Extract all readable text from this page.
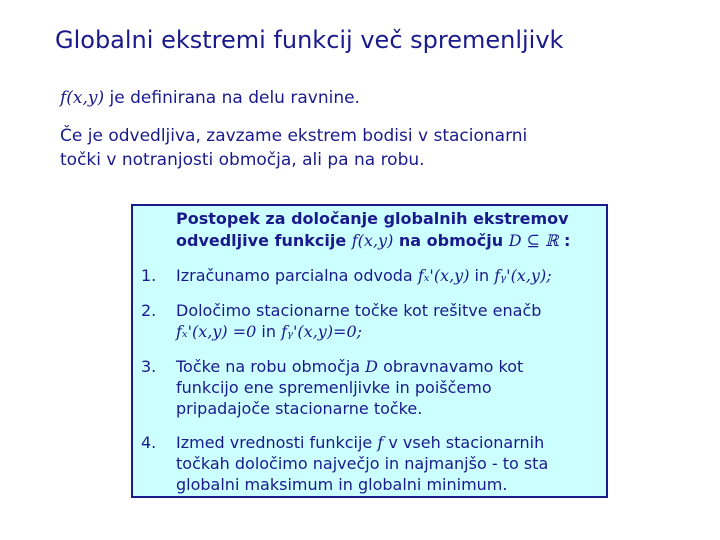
Globalni ekstremi funkcij več spremenljivk
f(x,y) je definirana na delu ravnine.
Če je odvedljiva, zavzame ekstrem bodisi v stacionarni
točki v notranjosti območja, ali pa na robu.
Postopek za določanje globalnih ekstremov
odvedljive funkcije f(x,y) na območju D ⊆ ℝ :
1. Izračunamo parcialna odvoda fₓ'(x,y) in fᵧ'(x,y);
2. Določimo stacionarne točke kot rešitve enačb
fₓ'(x,y) =0 in fᵧ'(x,y)=0;
3. Točke na robu območja D obravnavamo kot
funkcijo ene spremenljivke in poiščemo
pripadajoče stacionarne točke.
4. Izmed vrednosti funkcije f v vseh stacionarnih
točkah določimo največjo in najmanjšo - to sta
globalni maksimum in globalni minimum.
